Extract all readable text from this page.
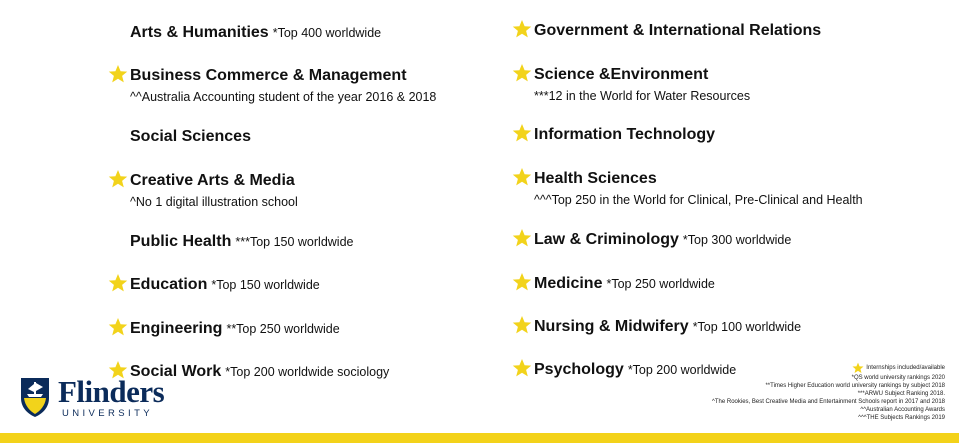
Arts & Humanities *Top 400 worldwide
Business Commerce & Management
^^Australia Accounting student of the year 2016 & 2018
Social Sciences
Creative Arts & Media
^No 1 digital illustration school
Public Health ***Top 150 worldwide
Education *Top 150 worldwide
Engineering **Top 250 worldwide
Social Work *Top 200 worldwide sociology
Government & International Relations
Science &Environment
***12 in the World for Water Resources
Information Technology
Health Sciences
^^^Top 250 in the World for Clinical, Pre-Clinical and Health
Law & Criminology *Top 300 worldwide
Medicine *Top 250 worldwide
Nursing & Midwifery *Top 100 worldwide
Psychology *Top 200 worldwide	Internships included/available
*QS world university rankings 2020
**Times Higher Education world university rankings by subject 2018
***ARWU Subject Ranking 2018.
^The Rookies, Best Creative Media and Entertainment Schools report in 2017 and 2018
^^Australian Accounting Awards
^^^THE Subjects Rankings 2019
Flinders
UNIVERSITY
